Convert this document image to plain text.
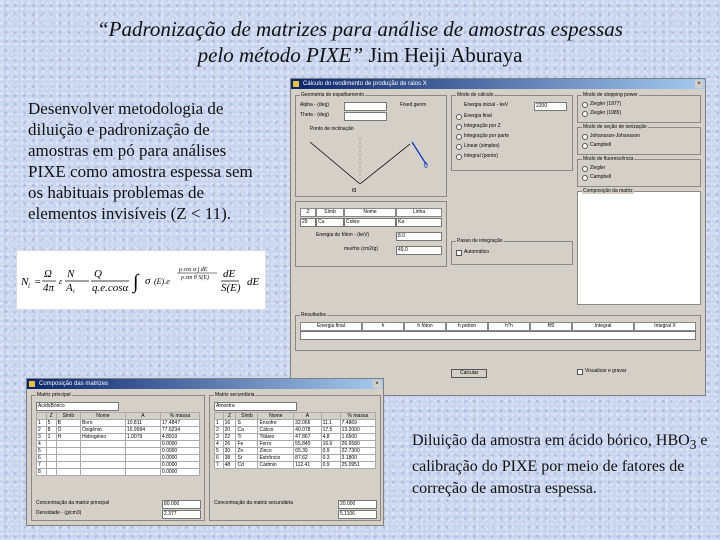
“Padronização de matrizes para análise de amostras espessas
pelo método PIXE” Jim Heiji Aburaya
Desenvolver metodologia de diluição e padronização de amostras em pó para análises PIXE como amostra espessa sem os habituais problemas de elementos invisíveis (Z < 11).
N i =
Ω
4π
ε
N
A i
Q
q.e.cosα ∫ σ (E).e
μ cos α ∫ dE
ρ sin θ S(E) dE
S(E) dE
Cálculo do rendimento de produção de raios X	×
Geometria do espalhamento
Alpha - (deg)	Fixed geom
Theta - (deg)
Ponto de inclinação
α
θ
Modo de cálculo
Energia inicial - keV	2200
Energia final
Integração por Z
Integração por parte
Linear (simples)
Integral (ponto)
Modo de stopping power
Ziegler (1977)
Ziegler (1985)
Modo de seção de ionização
Johansson-Johansson
Campbell
Modo de fluorescência
Ziegler
Campbell
Composição da matriz
Z	Símb	Nome	Linha
29	Cu	Cobre	Ka
Energia do fóton - (keV)	8.0
mu/rho (cm2/g)	49.0
Passo de integração
Automático
Resultados
Energia final	h	h fóton	h próton	h*h	f/f0	Integral	Integral X
Calcular	Visualizar e gravar
Composição das matrizes	×
Matriz principal
ÁcidoBórico
	Z	Símb	Nome	A	% massa
1	5	B	Boro	10.811	17.4847
2	8	O	Oxigênio	15.9994	77.6234
3	1	H	Hidrogênio	1.0079	4.8919
4					0.0000
5					0.0000
6					0.0000
7					0.0000
8					0.0000
Concentração da matriz principal	80.000
Densidade - (g/cm3)	2.377
Matriz secundária
Amostra
	Z	Símb	Nome	A		% massa
1	16	S	Enxofre	32.066	11.1	7.4869
2	20	Ca	Cálcio	40.078	17.5	13.2000
3	22	Ti	Titânio	47.867	4.8	1.6500
4	26	Fe	Ferro	55.845	16.6	26.6580
5	30	Zn	Zinco	65.39	0.9	22.7300
6	38	Sr	Estrôncio	87.62	0.3	3.1800
7	48	Cd	Cádmio	112.41	0.9	25.0951
Concentração da matriz secundária	20.000
5.1106
Diluição da amostra em ácido bórico, $HBO_3$ e calibração do PIXE por meio de fatores de correção de amostra espessa.
